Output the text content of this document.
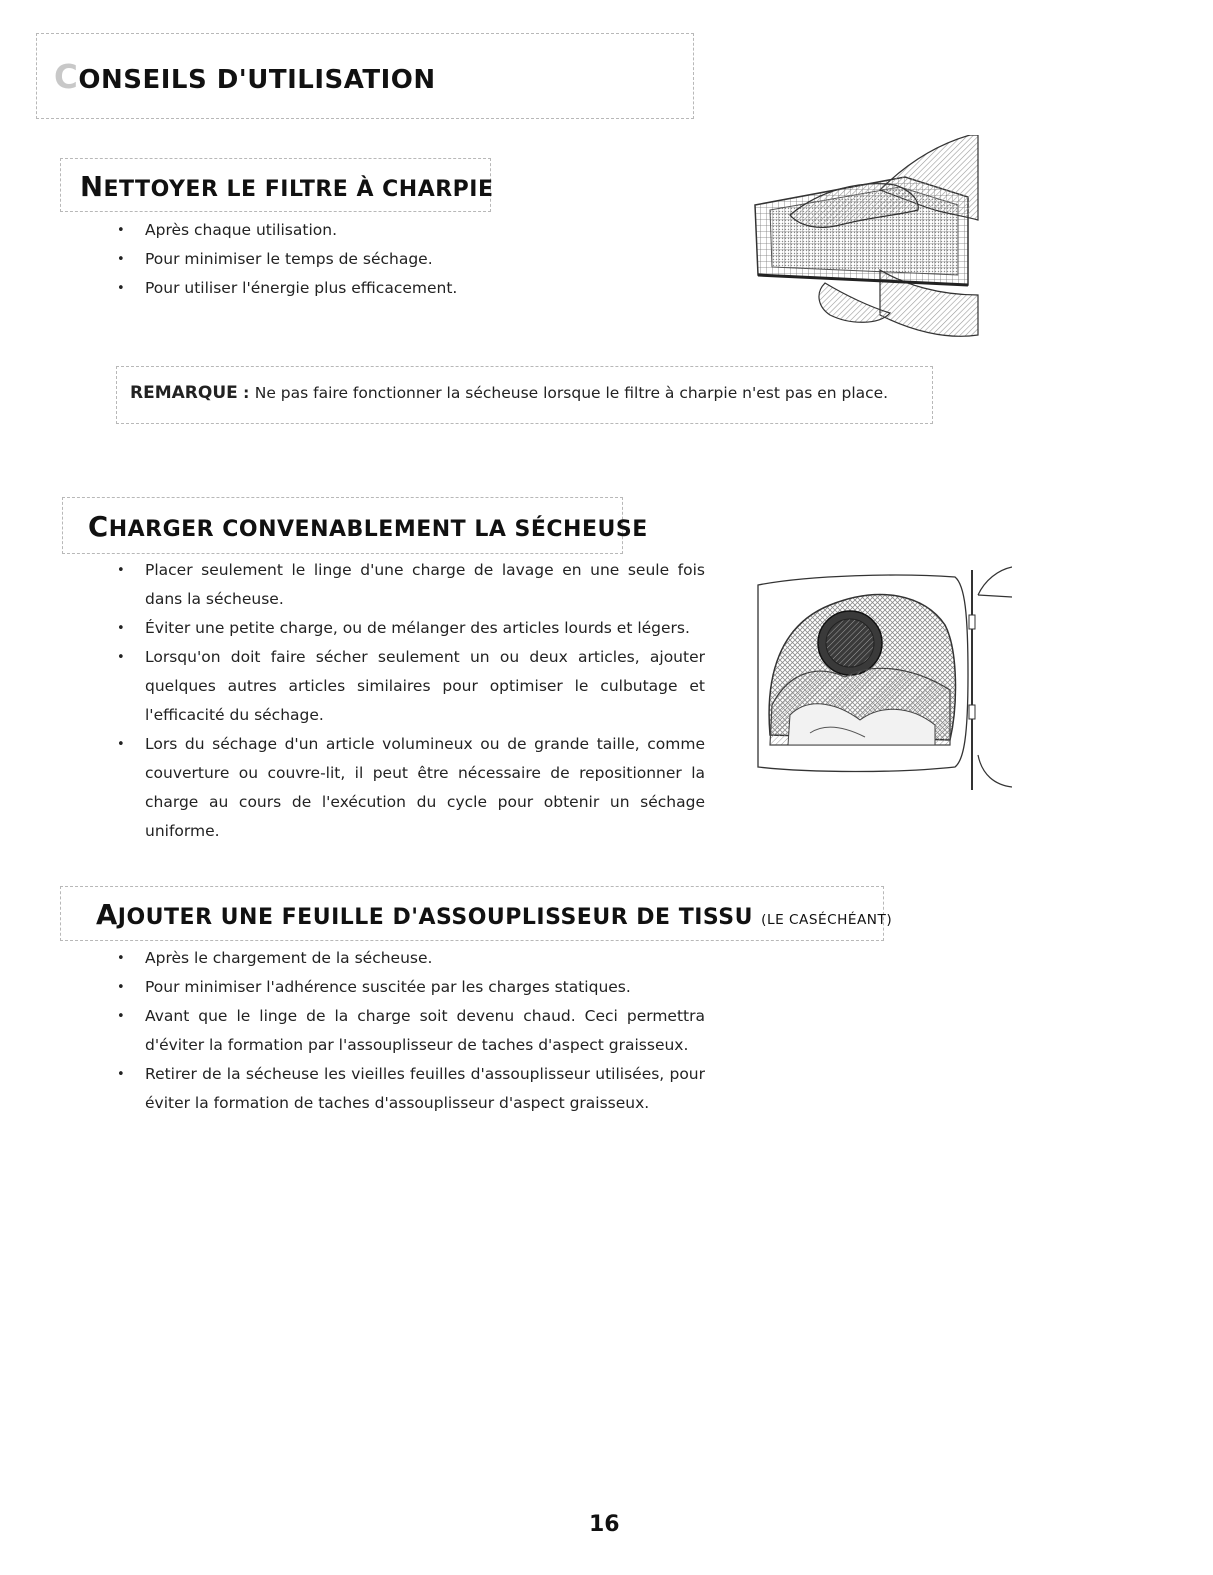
CONSEILS D'UTILISATION
NETTOYER LE FILTRE À CHARPIE
• Après chaque utilisation.
• Pour minimiser le temps de séchage.
• Pour utiliser l'énergie plus efficacement.
REMARQUE : Ne pas faire fonctionner la sécheuse lorsque le filtre à charpie n'est pas en place.
CHARGER CONVENABLEMENT LA SÉCHEUSE
• Placer seulement le linge d'une charge de lavage en une seule fois dans la sécheuse.
• Éviter une petite charge, ou de mélanger des articles lourds et légers.
• Lorsqu'on doit faire sécher seulement un ou deux articles, ajouter quelques autres articles similaires pour optimiser le culbutage et l'efficacité du séchage.
• Lors du séchage d'un article volumineux ou de grande taille, comme couverture ou couvre-lit, il peut être nécessaire de repositionner la charge au cours de l'exécution du cycle pour obtenir un séchage uniforme.
AJOUTER UNE FEUILLE D'ASSOUPLISSEUR DE TISSU (LE CASÉCHÉANT)
• Après le chargement de la sécheuse.
• Pour minimiser l'adhérence suscitée par les charges statiques.
• Avant que le linge de la charge soit devenu chaud. Ceci permettra d'éviter la formation par l'assouplisseur de taches d'aspect graisseux.
• Retirer de la sécheuse les vieilles feuilles d'assouplisseur utilisées, pour éviter la formation de taches d'assouplisseur d'aspect graisseux.
16
